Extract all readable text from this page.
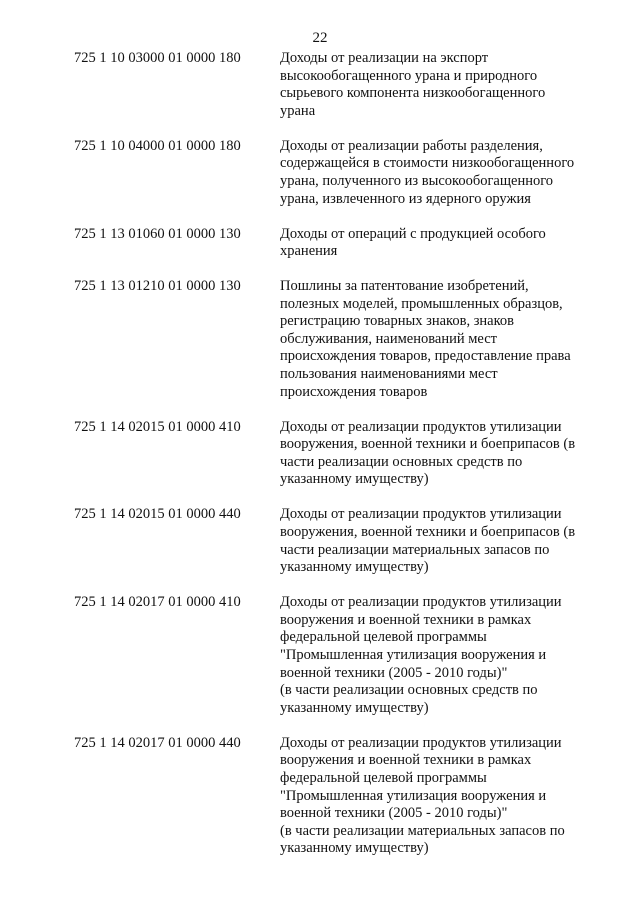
22
725 1 10 03000 01 0000 180	Доходы от реализации на экспорт
высокообогащенного урана и природного
сырьевого компонента низкообогащенного
урана
725 1 10 04000 01 0000 180	Доходы от реализации работы разделения,
содержащейся в стоимости низкообогащенного
урана, полученного из высокообогащенного
урана, извлеченного из ядерного оружия
725 1 13 01060 01 0000 130	Доходы от операций с продукцией особого
хранения
725 1 13 01210 01 0000 130	Пошлины за патентование изобретений,
полезных моделей, промышленных образцов,
регистрацию товарных знаков, знаков
обслуживания, наименований мест
происхождения товаров, предоставление права
пользования наименованиями мест
происхождения товаров
725 1 14 02015 01 0000 410	Доходы от реализации продуктов утилизации
вооружения, военной техники и боеприпасов (в
части реализации основных средств по
указанному имуществу)
725 1 14 02015 01 0000 440	Доходы от реализации продуктов утилизации
вооружения, военной техники и боеприпасов (в
части реализации материальных запасов по
указанному имуществу)
725 1 14 02017 01 0000 410	Доходы от реализации продуктов утилизации
вооружения и военной техники в рамках
федеральной целевой программы
"Промышленная утилизация вооружения и
военной техники (2005 - 2010 годы)"
(в части реализации основных средств по
указанному имуществу)
725 1 14 02017 01 0000 440	Доходы от реализации продуктов утилизации
вооружения и военной техники в рамках
федеральной целевой программы
"Промышленная утилизация вооружения и
военной техники (2005 - 2010 годы)"
(в части реализации материальных запасов по
указанному имуществу)
